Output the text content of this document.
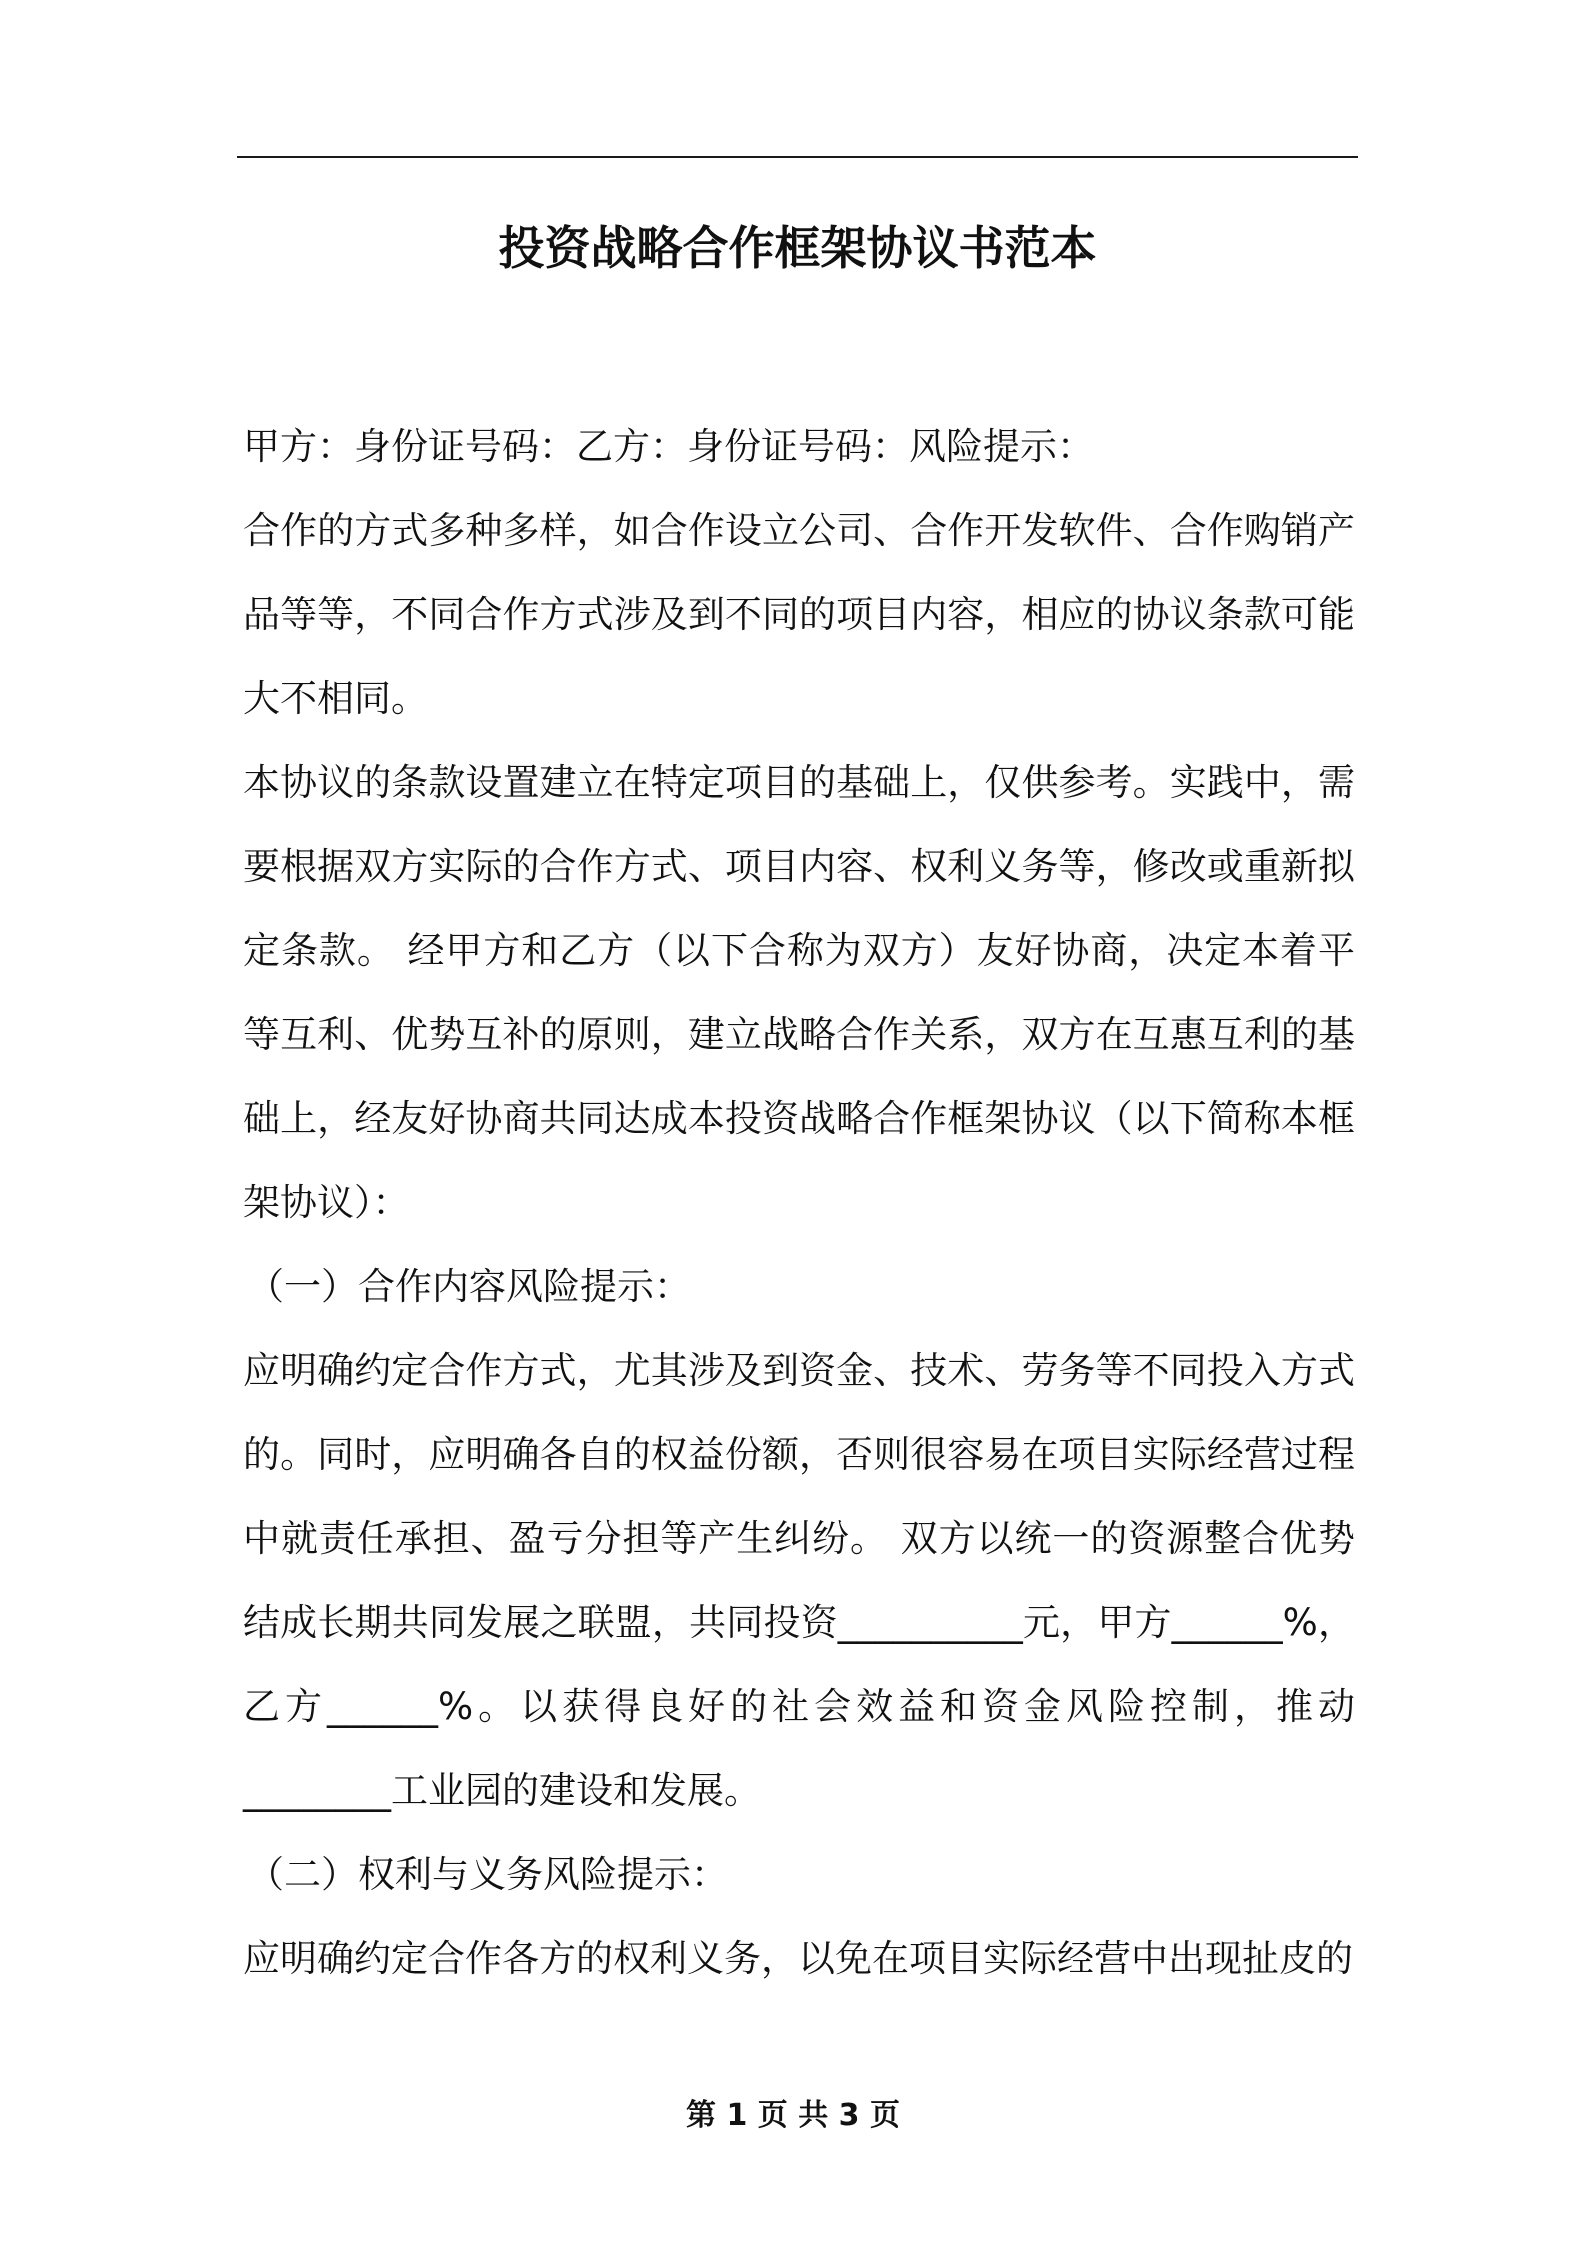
投资战略合作框架协议书范本

甲方：身份证号码：乙方：身份证号码：风险提示：

合作的方式多种多样，如合作设立公司、合作开发软件、合作购销产品等等，不同合作方式涉及到不同的项目内容，相应的协议条款可能大不相同。

本协议的条款设置建立在特定项目的基础上，仅供参考。实践中，需要根据双方实际的合作方式、项目内容、权利义务等，修改或重新拟定条款。 经甲方和乙方（以下合称为双方）友好协商，决定本着平等互利、优势互补的原则，建立战略合作关系，双方在互惠互利的基础上，经友好协商共同达成本投资战略合作框架协议（以下简称本框架协议）：

（一）合作内容风险提示：

应明确约定合作方式，尤其涉及到资金、技术、劳务等不同投入方式的。同时，应明确各自的权益份额，否则很容易在项目实际经营过程中就责任承担、盈亏分担等产生纠纷。 双方以统一的资源整合优势结成长期共同发展之联盟，共同投资__________元，甲方______%，乙方______%。以获得良好的社会效益和资金风险控制，推动________工业园的建设和发展。

（二）权利与义务风险提示：

应明确约定合作各方的权利义务，以免在项目实际经营中出现扯皮的

第 1 页 共 3 页
